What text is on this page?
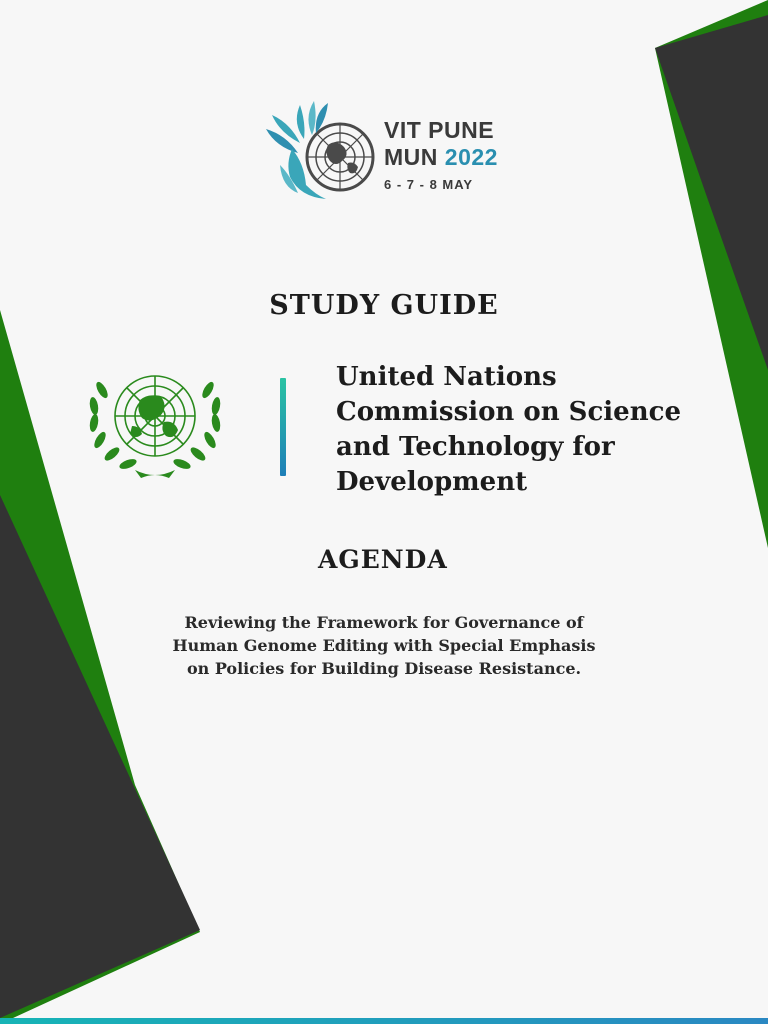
VIT PUNE
MUN 2022
6 - 7 - 8 MAY
STUDY GUIDE
United Nations
Commission on Science
and Technology for
Development
AGENDA
Reviewing the Framework for Governance of
Human Genome Editing with Special Emphasis
on Policies for Building Disease Resistance.
